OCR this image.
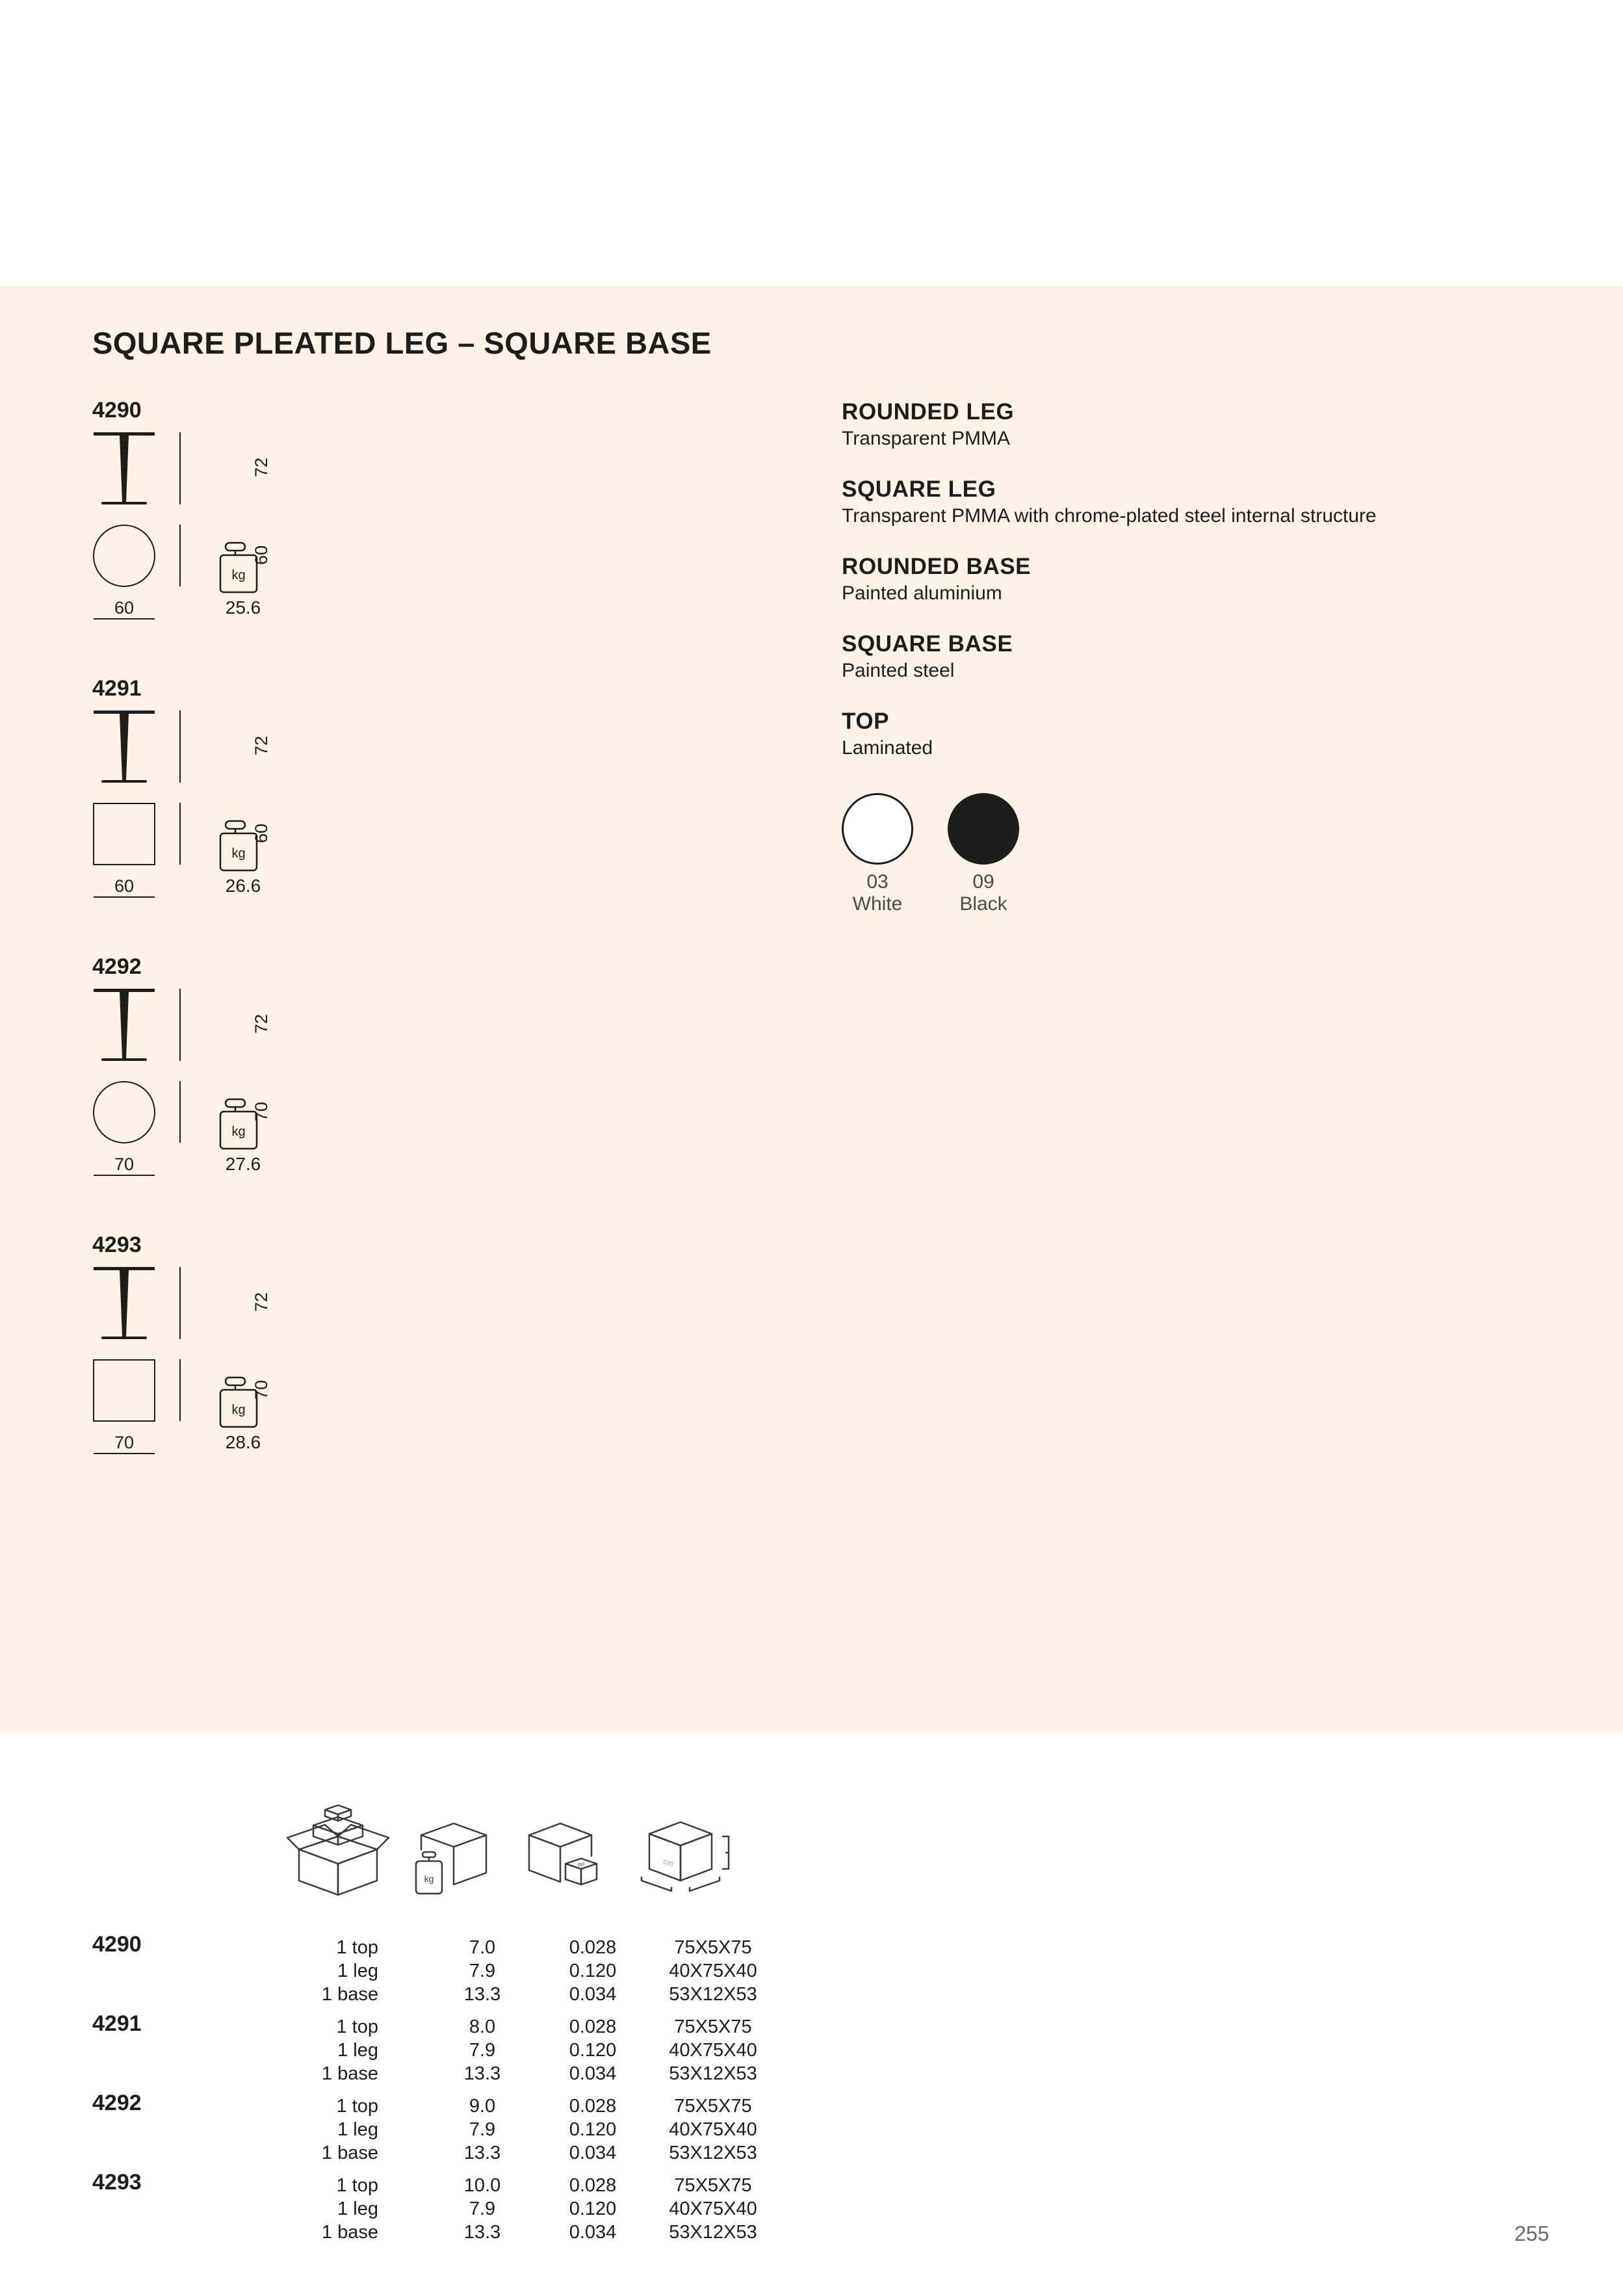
SQUARE PLEATED LEG – SQUARE BASE
4290
72
60
60
kg
25.6
4291
72
60
60
kg
26.6
4292
72
70
70
kg
27.6
4293
72
70
70
kg
28.6
ROUNDED LEG
Transparent PMMA
SQUARE LEG
Transparent PMMA with chrome-plated steel internal structure
ROUNDED BASE
Painted aluminium
SQUARE BASE
Painted steel
TOP
Laminated
03
White
09
Black
kg
m³	cm
4290	1 top	7.0	0.028	75X5X75
1 leg	7.9	0.120	40X75X40
1 base	13.3	0.034	53X12X53
4291	1 top	8.0	0.028	75X5X75
1 leg	7.9	0.120	40X75X40
1 base	13.3	0.034	53X12X53
4292	1 top	9.0	0.028	75X5X75
1 leg	7.9	0.120	40X75X40
1 base	13.3	0.034	53X12X53
4293	1 top	10.0	0.028	75X5X75
1 leg	7.9	0.120	40X75X40
1 base	13.3	0.034	53X12X53	255
